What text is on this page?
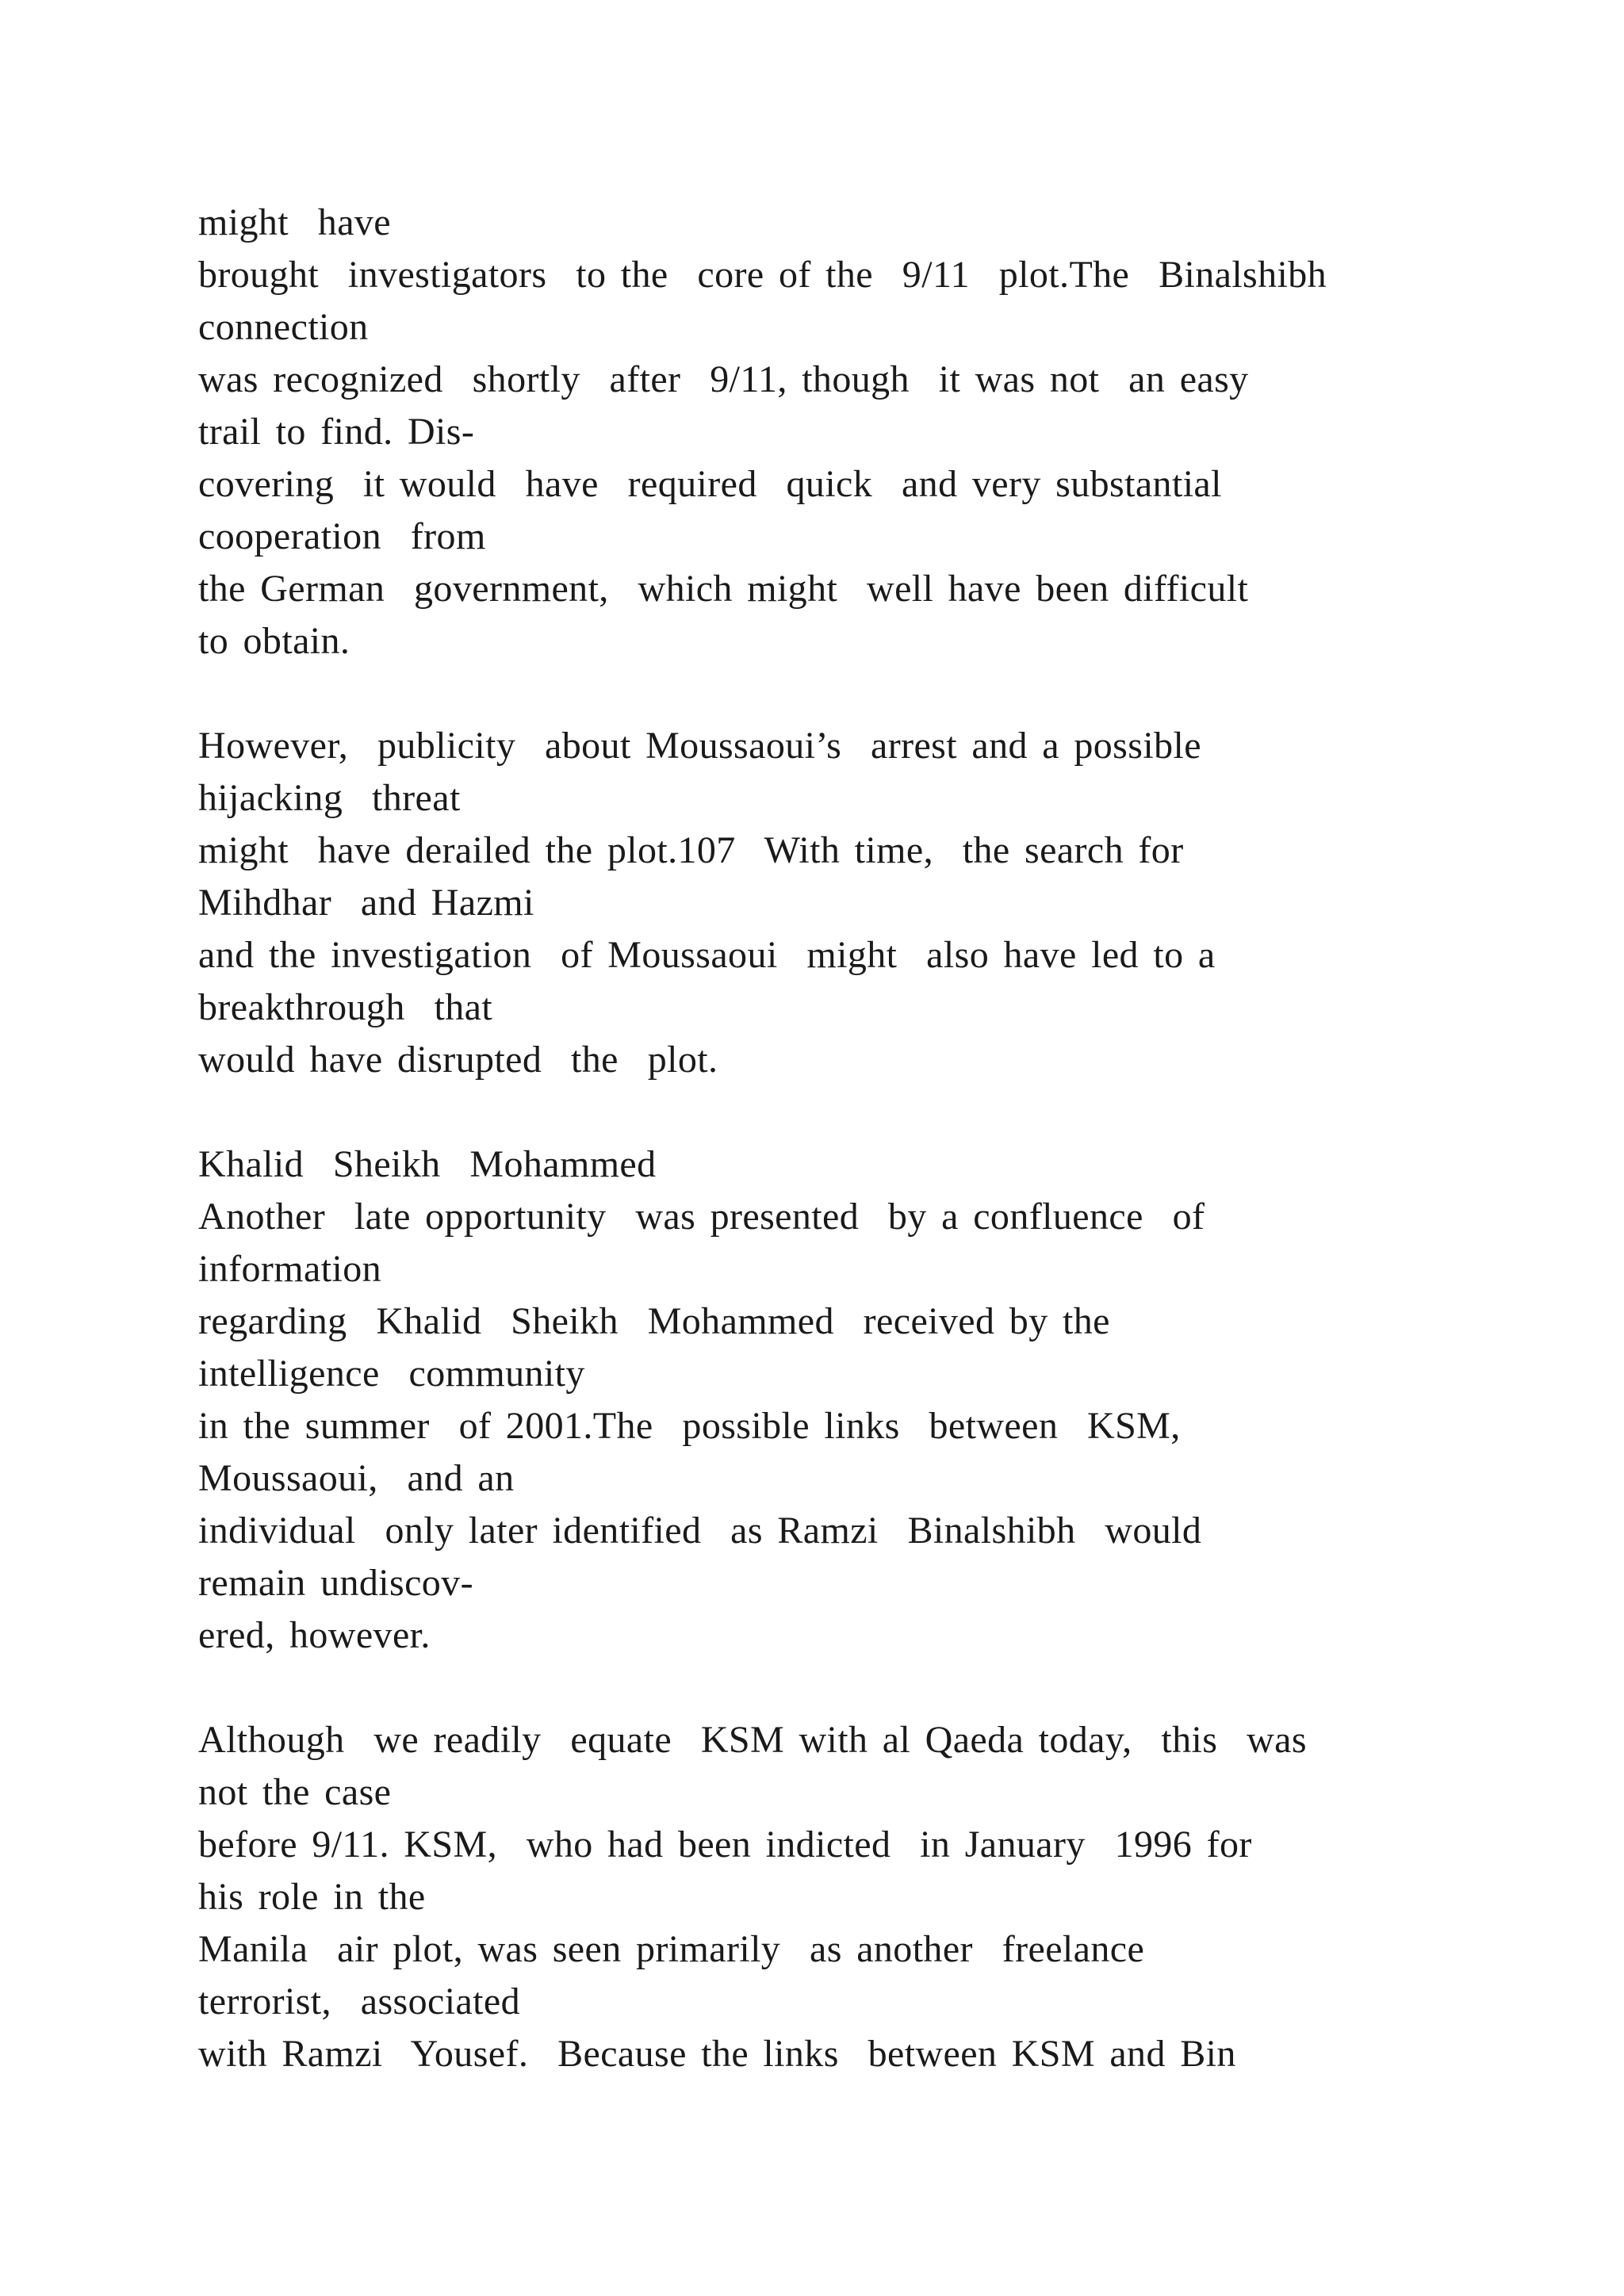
might  have
brought  investigators  to the  core of the  9/11  plot.The  Binalshibh
connection
was recognized  shortly  after  9/11, though  it was not  an easy
trail to find. Dis-
covering  it would  have  required  quick  and very substantial
cooperation  from
the German  government,  which might  well have been difficult
to obtain.
However,  publicity  about Moussaoui’s  arrest and a possible
hijacking  threat
might  have derailed the plot.107  With time,  the search for
Mihdhar  and Hazmi
and the investigation  of Moussaoui  might  also have led to a
breakthrough  that
would have disrupted  the  plot.
Khalid  Sheikh  Mohammed
Another  late opportunity  was presented  by a confluence  of
information
regarding  Khalid  Sheikh  Mohammed  received by the
intelligence  community
in the summer  of 2001.The  possible links  between  KSM,
Moussaoui,  and an
individual  only later identified  as Ramzi  Binalshibh  would
remain undiscov-
ered, however.
Although  we readily  equate  KSM with al Qaeda today,  this  was
not the case
before 9/11. KSM,  who had been indicted  in January  1996 for
his role in the
Manila  air plot, was seen primarily  as another  freelance
terrorist,  associated
with Ramzi  Yousef.  Because the links  between KSM and Bin
